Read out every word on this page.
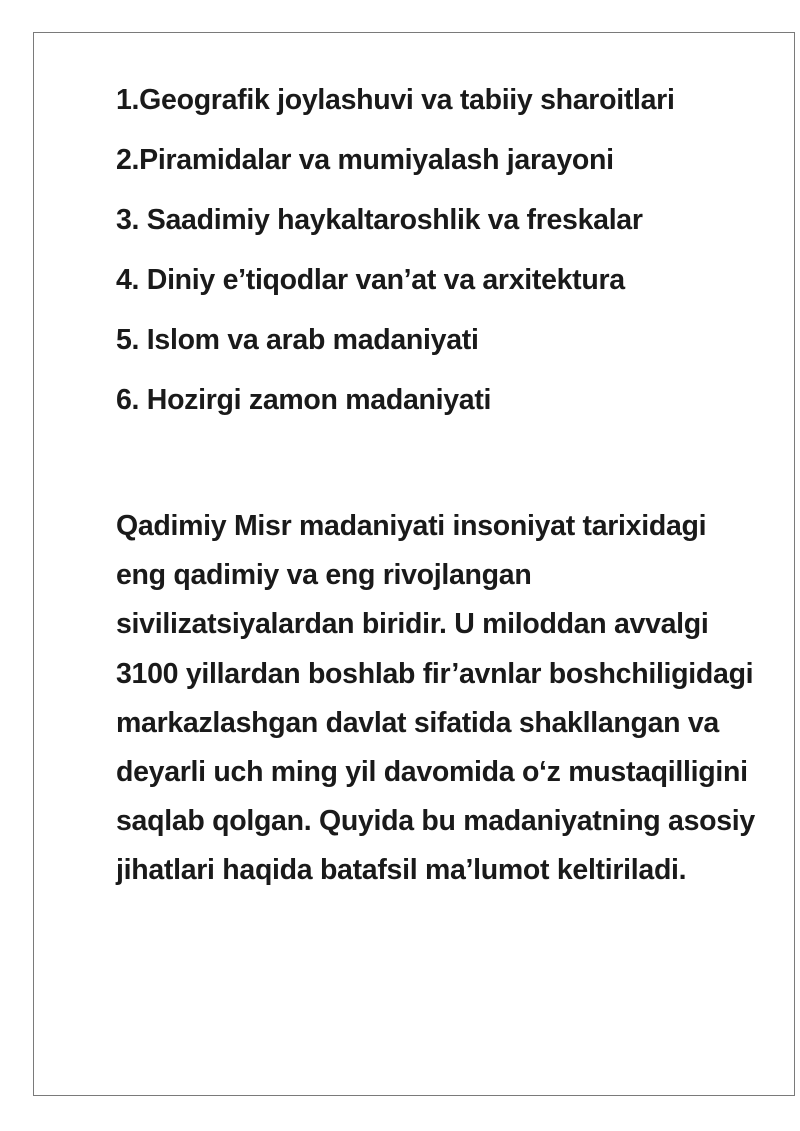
1.Geografik joylashuvi va tabiiy sharoitlari
2.Piramidalar va mumiyalash jarayoni
3. Saadimiy haykaltaroshlik va freskalar
4. Diniy e’tiqodlar van’at va arxitektura
5. Islom va arab madaniyati
6. Hozirgi zamon madaniyati

Qadimiy Misr madaniyati insoniyat tarixidagi eng qadimiy va eng rivojlangan sivilizatsiyalardan biridir. U miloddan avvalgi 3100 yillardan boshlab fir’avnlar boshchiligidagi markazlashgan davlat sifatida shakllangan va deyarli uch ming yil davomida o‘z mustaqilligini saqlab qolgan. Quyida bu madaniyatning asosiy jihatlari haqida batafsil ma’lumot keltiriladi.
